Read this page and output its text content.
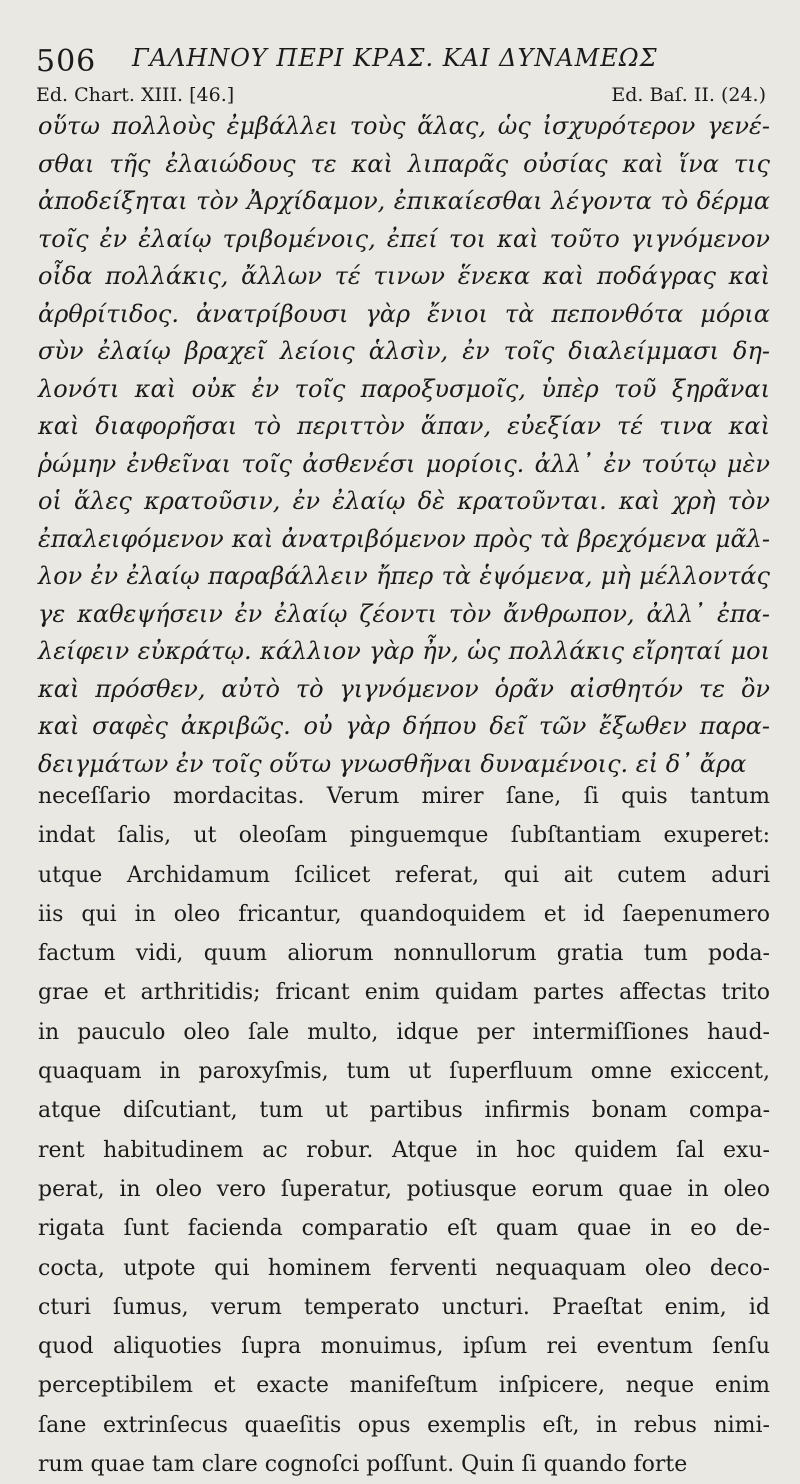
506 ΓΑΛΗΝΟΥ ΠΕΡΙ ΚΡΑΣ. ΚΑΙ ΔΥΝΑΜΕΩΣ
Ed. Chart. XIII. [46.]	Ed. Baſ. II. (24.)
οὕτω πολλοὺς ἐμβάλλει τοὺς ἅλας, ὡς ἰσχυρότερον γενέ-
σθαι τῆς ἐλαιώδους τε καὶ λιπαρᾶς οὐσίας καὶ ἵνα τις
ἀποδείξηται τὸν Ἀρχίδαμον, ἐπικαίεσθαι λέγοντα τὸ δέρμα
τοῖς ἐν ἐλαίῳ τριβομένοις, ἐπεί τοι καὶ τοῦτο γιγνόμενον
οἶδα πολλάκις, ἄλλων τέ τινων ἕνεκα καὶ ποδάγρας καὶ
ἀρθρίτιδος. ἀνατρίβουσι γὰρ ἔνιοι τὰ πεπονθότα μόρια
σὺν ἐλαίῳ βραχεῖ λείοις ἁλσὶν, ἐν τοῖς διαλείμμασι δη-
λονότι καὶ οὐκ ἐν τοῖς παροξυσμοῖς, ὑπὲρ τοῦ ξηρᾶναι
καὶ διαφορῆσαι τὸ περιττὸν ἅπαν, εὐεξίαν τέ τινα καὶ
ῥώμην ἐνθεῖναι τοῖς ἀσθενέσι μορίοις. ἀλλ᾽ ἐν τούτῳ μὲν
οἱ ἅλες κρατοῦσιν, ἐν ἐλαίῳ δὲ κρατοῦνται. καὶ χρὴ τὸν
ἐπαλειφόμενον καὶ ἀνατριβόμενον πρὸς τὰ βρεχόμενα μᾶλ-
λον ἐν ἐλαίῳ παραβάλλειν ἤπερ τὰ ἑψόμενα, μὴ μέλλοντάς
γε καθεψήσειν ἐν ἐλαίῳ ζέοντι τὸν ἄνθρωπον, ἀλλ᾽ ἐπα-
λείφειν εὐκράτῳ. κάλλιον γὰρ ἦν, ὡς πολλάκις εἴρηταί μοι
καὶ πρόσθεν, αὐτὸ τὸ γιγνόμενον ὁρᾶν αἰσθητόν τε ὂν
καὶ σαφὲς ἀκριβῶς. οὐ γὰρ δήπου δεῖ τῶν ἔξωθεν παρα-
δειγμάτων ἐν τοῖς οὕτω γνωσθῆναι δυναμένοις. εἰ δ᾽ ἄρα
neceſſario mordacitas. Verum mirer ſane, ſi quis tantum
indat ſalis, ut oleoſam pinguemque ſubſtantiam exuperet:
utque Archidamum ſcilicet referat, qui ait cutem aduri
iis qui in oleo fricantur, quandoquidem et id ſaepenumero
factum vidi, quum aliorum nonnullorum gratia tum poda-
grae et arthritidis; fricant enim quidam partes affectas trito
in pauculo oleo ſale multo, idque per intermiſſiones haud-
quaquam in paroxyſmis, tum ut ſuperfluum omne exiccent,
atque diſcutiant, tum ut partibus infirmis bonam compa-
rent habitudinem ac robur. Atque in hoc quidem ſal exu-
perat, in oleo vero ſuperatur, potiusque eorum quae in oleo
rigata ſunt facienda comparatio eſt quam quae in eo de-
cocta, utpote qui hominem ferventi nequaquam oleo deco-
cturi ſumus, verum temperato uncturi. Praeſtat enim, id
quod aliquoties ſupra monuimus, ipſum rei eventum ſenſu
perceptibilem et exacte manifeſtum inſpicere, neque enim
ſane extrinſecus quaeſitis opus exemplis eſt, in rebus nimi-
rum quae tam clare cognoſci poſſunt. Quin ſi quando forte
